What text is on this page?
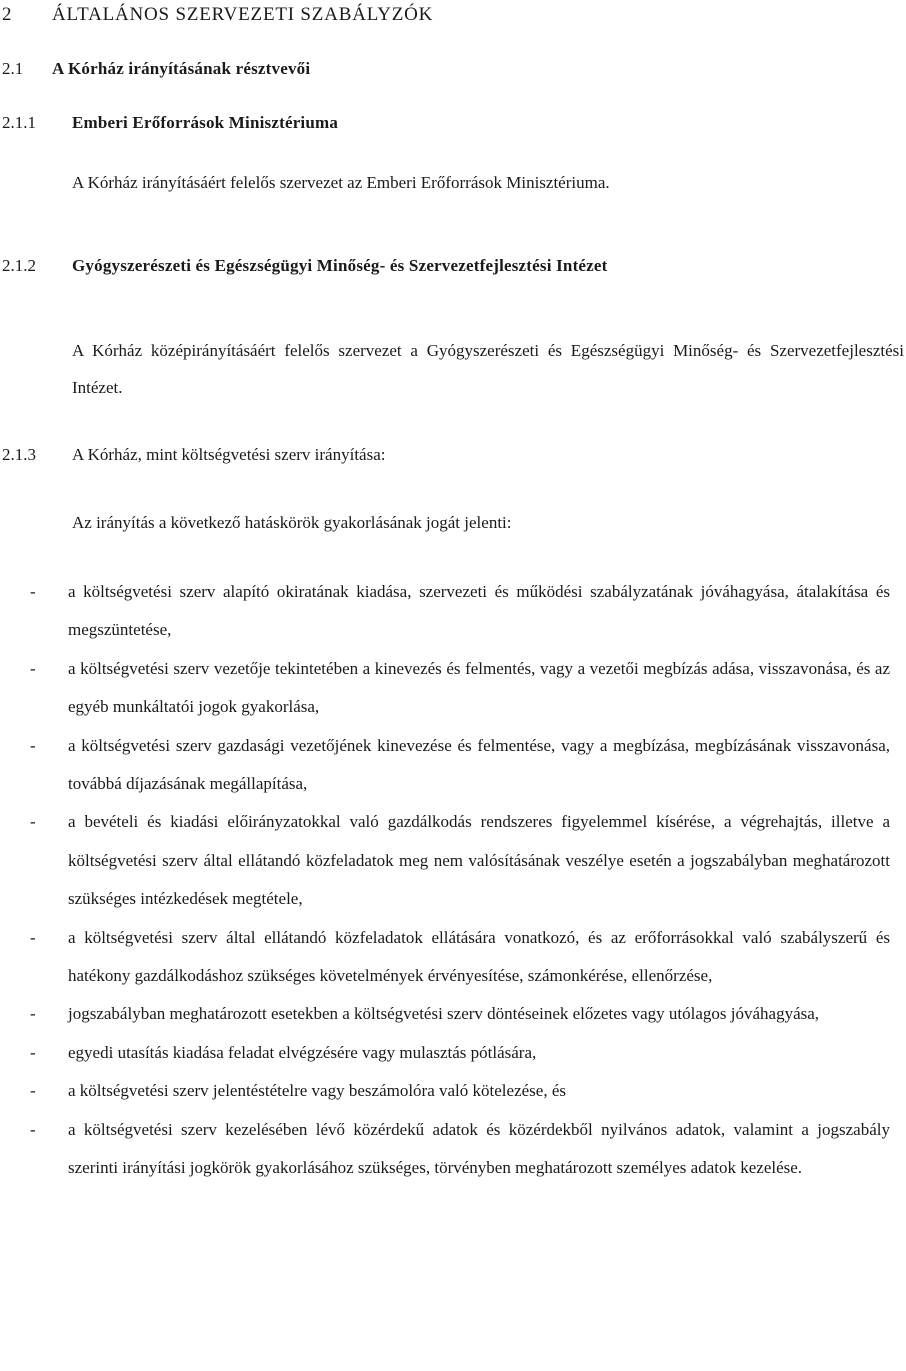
2 ÁLTALÁNOS SZERVEZETI SZABÁLYZÓK
2.1 A Kórház irányításának résztvevői
2.1.1 Emberi Erőforrások Minisztériuma
A Kórház irányításáért felelős szervezet az Emberi Erőforrások Minisztériuma.
2.1.2 Gyógyszerészeti és Egészségügyi Minőség- és Szervezetfejlesztési Intézet
A Kórház középirányításáért felelős szervezet a Gyógyszerészeti és Egészségügyi Minőség- és Szervezetfejlesztési Intézet.
2.1.3 A Kórház, mint költségvetési szerv irányítása:
Az irányítás a következő hatáskörök gyakorlásának jogát jelenti:
- a költségvetési szerv alapító okiratának kiadása, szervezeti és működési szabályzatának jóváhagyása, átalakítása és megszüntetése,
- a költségvetési szerv vezetője tekintetében a kinevezés és felmentés, vagy a vezetői megbízás adása, visszavonása, és az egyéb munkáltatói jogok gyakorlása,
- a költségvetési szerv gazdasági vezetőjének kinevezése és felmentése, vagy a megbízása, megbízásának visszavonása, továbbá díjazásának megállapítása,
- a bevételi és kiadási előirányzatokkal való gazdálkodás rendszeres figyelemmel kísérése, a végrehajtás, illetve a költségvetési szerv által ellátandó közfeladatok meg nem valósításának veszélye esetén a jogszabályban meghatározott szükséges intézkedések megtétele,
- a költségvetési szerv által ellátandó közfeladatok ellátására vonatkozó, és az erőforrásokkal való szabályszerű és hatékony gazdálkodáshoz szükséges követelmények érvényesítése, számonkérése, ellenőrzése,
- jogszabályban meghatározott esetekben a költségvetési szerv döntéseinek előzetes vagy utólagos jóváhagyása,
- egyedi utasítás kiadása feladat elvégzésére vagy mulasztás pótlására,
- a költségvetési szerv jelentéstételre vagy beszámolóra való kötelezése, és
- a költségvetési szerv kezelésében lévő közérdekű adatok és közérdekből nyilvános adatok, valamint a jogszabály szerinti irányítási jogkörök gyakorlásához szükséges, törvényben meghatározott személyes adatok kezelése.
